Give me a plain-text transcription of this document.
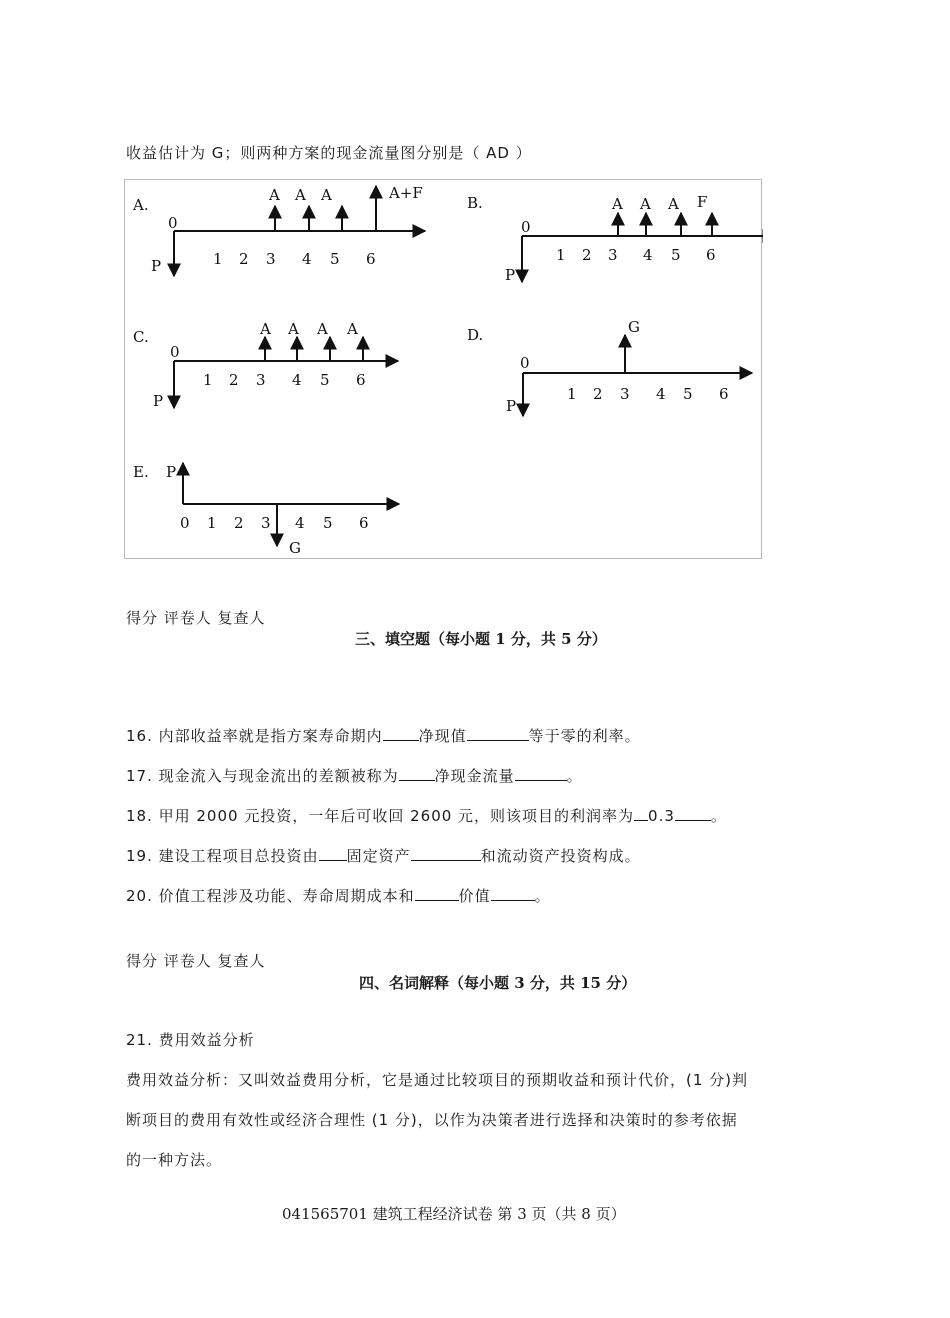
收益估计为 G；则两种方案的现金流量图分别是（ AD ）
A.
0
P	1 2 3 4 5 6
A A A	A+F
B.
0
P
1 2 3 4 5 6
A A A F
C.
0
P
1 2 3 4 5 6
A A A A	D.
0
P
1 2 3 4 5 6
G
E. P
0 1 2 3 4 5 6
G
得分 评卷人 复查人
三、填空题（每小题 1 分，共 5 分）
16. 内部收益率就是指方案寿命期内 净现值	等于零的利率。
17. 现金流入与现金流出的差额被称为 净现金流量	。
18. 甲用 2000 元投资，一年后可收回 2600 元，则该项目的利润率为 0.3 。
19. 建设工程项目总投资由 固定资产	和流动资产投资构成。
20. 价值工程涉及功能、寿命周期成本和	价值	。
得分 评卷人 复查人
四、名词解释（每小题 3 分，共 15 分）
21. 费用效益分析
费用效益分析：又叫效益费用分析，它是通过比较项目的预期收益和预计代价，(1 分)判
断项目的费用有效性或经济合理性 (1 分)，以作为决策者进行选择和决策时的参考依据
的一种方法。
041565701 建筑工程经济试卷 第 3 页（共 8 页）
